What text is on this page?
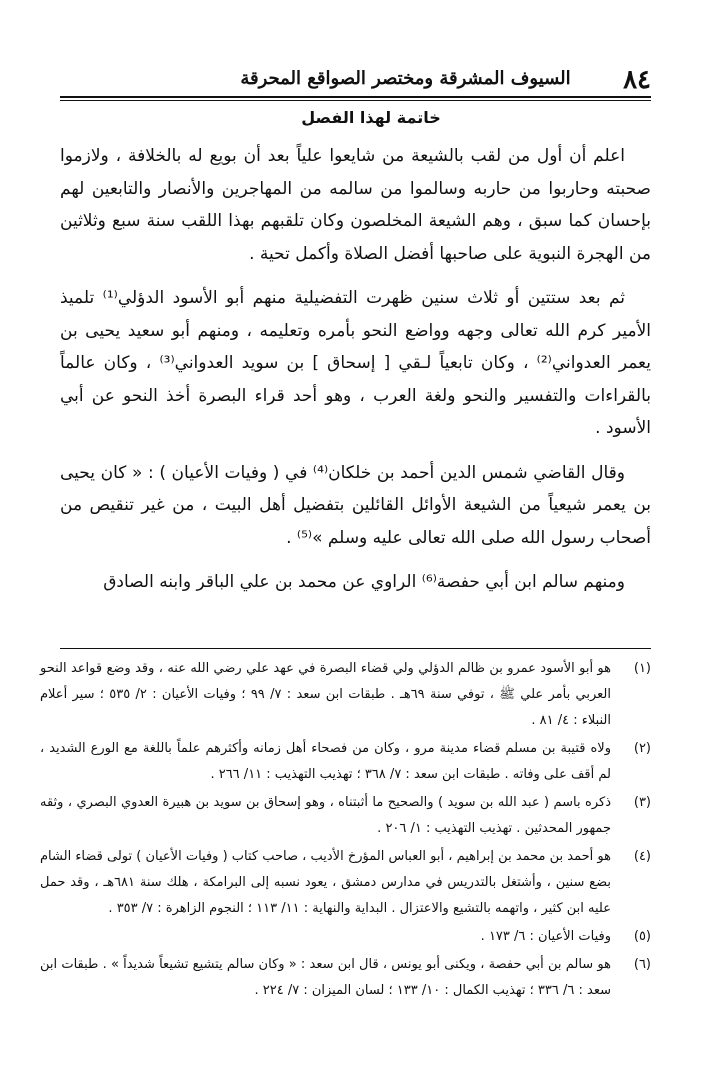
٨٤
السيوف المشرقة ومختصر الصواقع المحرقة
خاتمة لهذا الفصل

اعلم أن أول من لقب بالشيعة من شايعوا علياً بعد أن بويع له بالخلافة ، ولازموا صحبته وحاربوا من حاربه وسالموا من سالمه من المهاجرين والأنصار والتابعين لهم بإحسان كما سبق ، وهم الشيعة المخلصون وكان تلقبهم بهذا اللقب سنة سبع وثلاثين من الهجرة النبوية على صاحبها أفضل الصلاة وأكمل تحية .

ثم بعد ستتين أو ثلاث سنين ظهرت التفضيلية منهم أبو الأسود الدؤلي⁽¹⁾ تلميذ الأمير كرم الله تعالى وجهه وواضع النحو بأمره وتعليمه ، ومنهم أبو سعيد يحيى بن يعمر العدواني⁽²⁾ ، وكان تابعياً لـقي [ إسحاق ] بن سويد العدواني⁽³⁾ ، وكان عالماً بالقراءات والتفسير والنحو ولغة العرب ، وهو أحد قراء البصرة أخذ النحو عن أبي الأسود .

وقال القاضي شمس الدين أحمد بن خلكان⁽⁴⁾ في ( وفيات الأعيان ) : « كان يحيى بن يعمر شيعياً من الشيعة الأوائل القائلين بتفضيل أهل البيت ، من غير تنقيص من أصحاب رسول الله صلى الله تعالى عليه وسلم »⁽⁵⁾ .

ومنهم سالم ابن أبي حفصة⁽⁶⁾ الراوي عن محمد بن علي الباقر وابنه الصادق

(١)
هو أبو الأسود عمرو بن ظالم الدؤلي ولي قضاء البصرة في عهد علي رضي الله عنه ، وقد وضع قواعد النحو العربي بأمر علي ﷺ ، توفي سنة ٦٩هـ . طبقات ابن سعد : ٧/ ٩٩ ؛ وفيات الأعيان : ٢/ ٥٣٥ ؛ سير أعلام النبلاء : ٤/ ٨١ .
(٢)
ولاه قتيبة بن مسلم قضاء مدينة مرو ، وكان من فصحاء أهل زمانه وأكثرهم علماً باللغة مع الورع الشديد ، لم أقف على وفاته . طبقات ابن سعد : ٧/ ٣٦٨ ؛ تهذيب التهذيب : ١١/ ٢٦٦ .
(٣)
ذكره باسم ( عبد الله بن سويد ) والصحيح ما أثبتناه ، وهو إسحاق بن سويد بن هبيرة العدوي البصري ، وثقه جمهور المحدثين . تهذيب التهذيب : ١/ ٢٠٦ .
(٤)
هو أحمد بن محمد بن إبراهيم ، أبو العباس المؤرخ الأديب ، صاحب كتاب ( وفيات الأعيان ) تولى قضاء الشام بضع سنين ، وأشتغل بالتدريس في مدارس دمشق ، يعود نسبه إلى البرامكة ، هلك سنة ٦٨١هـ ، وقد حمل عليه ابن كثير ، واتهمه بالتشيع والاعتزال . البداية والنهاية : ١١/ ١١٣ ؛ النجوم الزاهرة : ٧/ ٣٥٣ .
(٥)
وفيات الأعيان : ٦/ ١٧٣ .
(٦)
هو سالم بن أبي حفصة ، ويكنى أبو يونس ، قال ابن سعد : « وكان سالم يتشيع تشيعاً شديداً » . طبقات ابن سعد : ٦/ ٣٣٦ ؛ تهذيب الكمال : ١٠/ ١٣٣ ؛ لسان الميزان : ٧/ ٢٢٤ .
